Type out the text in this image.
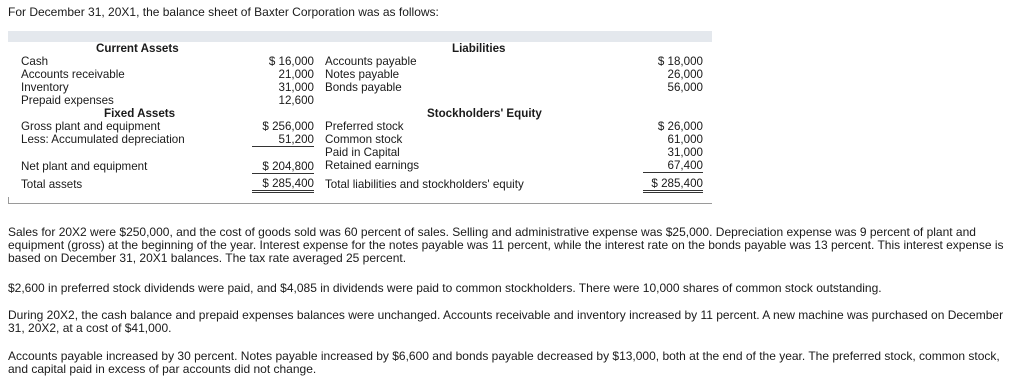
For December 31, 20X1, the balance sheet of Baxter Corporation was as follows:
Current Assets	Liabilities
Cash
Accounts receivable
Inventory
Prepaid expenses
Fixed Assets
Gross plant and equipment
Less: Accumulated depreciation
Net plant and equipment
Total assets
$ 16,000
21,000
31,000
12,600
$ 256,000
51,200
$ 204,800
$ 285,400
Accounts payable
Notes payable
Bonds payable
Stockholders' Equity
Preferred stock
Common stock
Paid in Capital
Retained earnings
Total liabilities and stockholders' equity
$ 18,000
26,000
56,000
$ 26,000
61,000
31,000
67,400
$ 285,400

Sales for 20X2 were $250,000, and the cost of goods sold was 60 percent of sales. Selling and administrative expense was $25,000. Depreciation expense was 9 percent of plant and equipment (gross) at the beginning of the year. Interest expense for the notes payable was 11 percent, while the interest rate on the bonds payable was 13 percent. This interest expense is based on December 31, 20X1 balances. The tax rate averaged 25 percent.

$2,600 in preferred stock dividends were paid, and $4,085 in dividends were paid to common stockholders. There were 10,000 shares of common stock outstanding.

During 20X2, the cash balance and prepaid expenses balances were unchanged. Accounts receivable and inventory increased by 11 percent. A new machine was purchased on December 31, 20X2, at a cost of $41,000.

Accounts payable increased by 30 percent. Notes payable increased by $6,600 and bonds payable decreased by $13,000, both at the end of the year. The preferred stock, common stock, and capital paid in excess of par accounts did not change.
